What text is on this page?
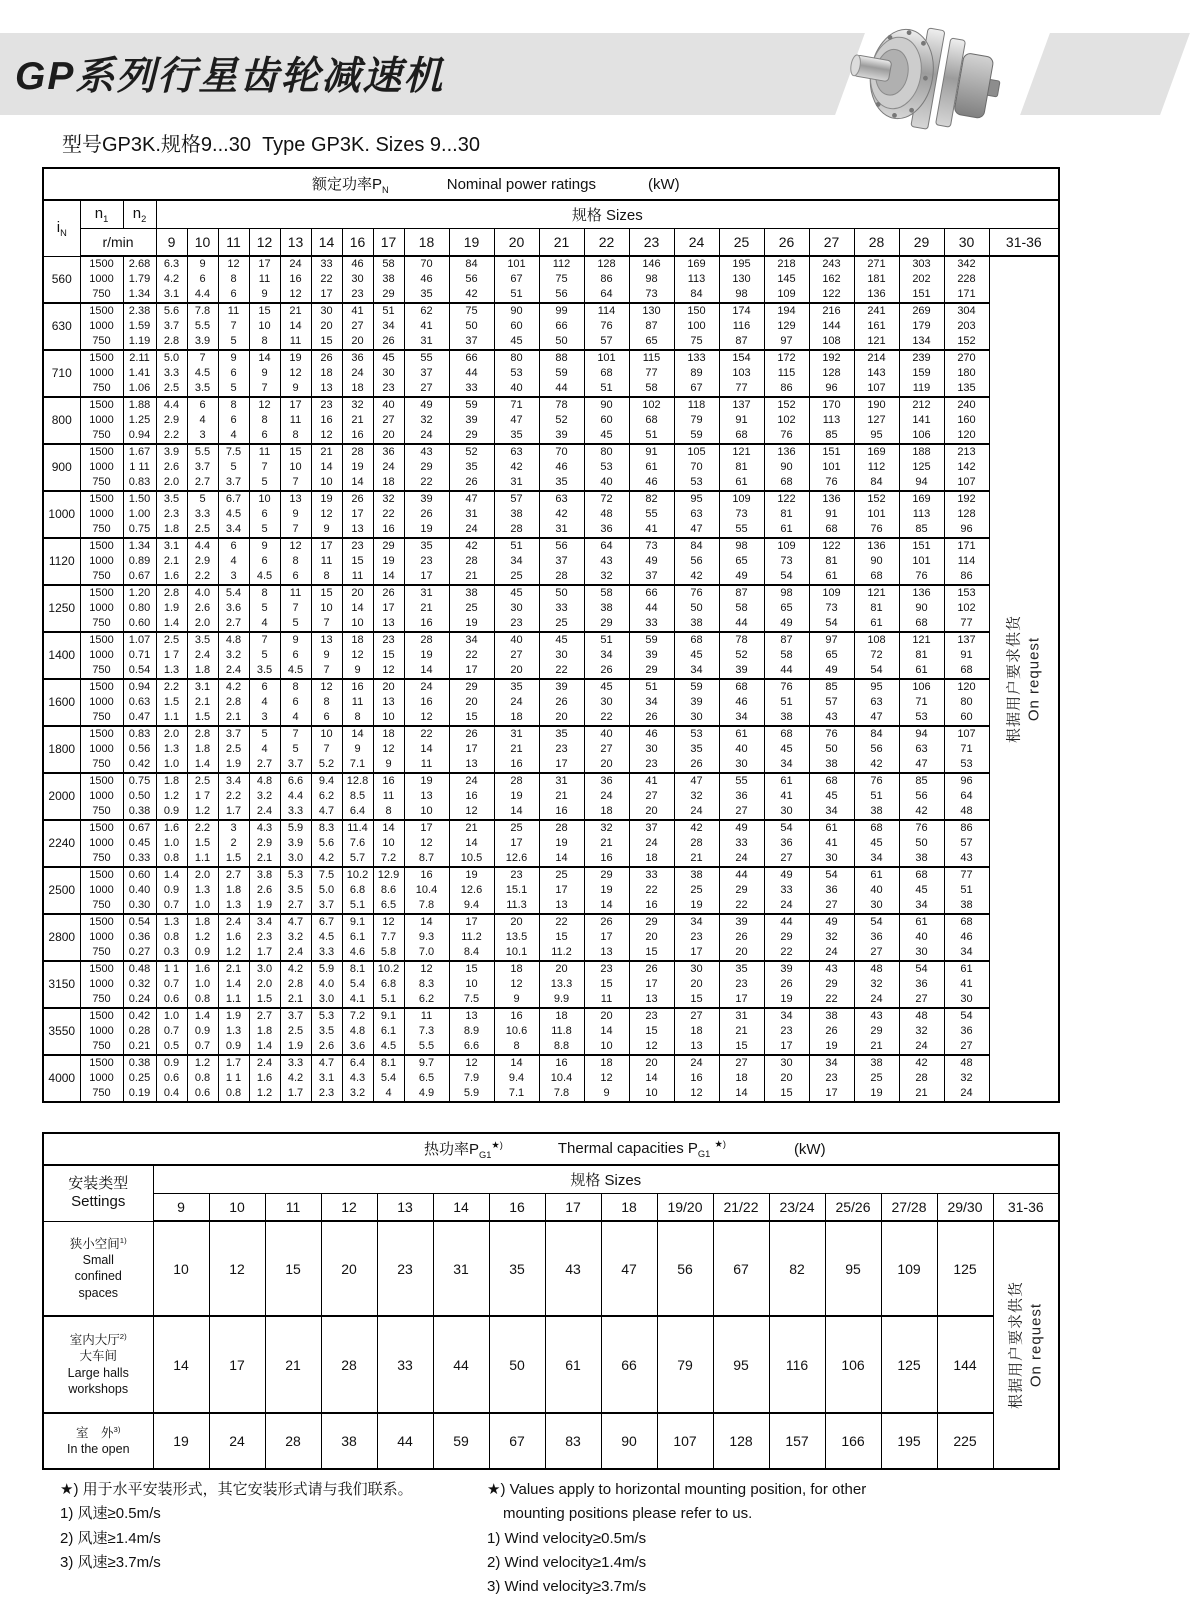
GP系列行星齿轮减速机
型号GP3K.规格9...30  Type GP3K. Sizes 9...30
额定功率$P_N$ Nominal power ratings (kW)																								

$i_N$	$n_1$	$n_2$	规格 Sizes																					
	r/min		9	10	11	12	13	14	16	17	18	19	20	21	22	23	24	25	26	27	28	29	30	31-36
560	1500	2.68	6.3	9	12	17	24	33	46	58	70	84	101	112	128	146	169	195	218	243	271	303	342	根据用户要求供货 On request

	1000	1.79	4.2	6	8	11	16	22	30	38	46	56	67	75	86	98	113	130	145	162	181	202	228	
	750	1.34	3.1	4.4	6	9	12	17	23	29	35	42	51	56	64	73	84	98	109	122	136	151	171	
630	1500	2.38	5.6	7.8	11	15	21	30	41	51	62	75	90	99	114	130	150	174	194	216	241	269	304	
	1000	1.59	3.7	5.5	7	10	14	20	27	34	41	50	60	66	76	87	100	116	129	144	161	179	203	
	750	1.19	2.8	3.9	5	8	11	15	20	26	31	37	45	50	57	65	75	87	97	108	121	134	152	
710	1500	2.11	5.0	7	9	14	19	26	36	45	55	66	80	88	101	115	133	154	172	192	214	239	270	
	1000	1.41	3.3	4.5	6	9	12	18	24	30	37	44	53	59	68	77	89	103	115	128	143	159	180	
	750	1.06	2.5	3.5	5	7	9	13	18	23	27	33	40	44	51	58	67	77	86	96	107	119	135	
800	1500	1.88	4.4	6	8	12	17	23	32	40	49	59	71	78	90	102	118	137	152	170	190	212	240	
	1000	1.25	2.9	4	6	8	11	16	21	27	32	39	47	52	60	68	79	91	102	113	127	141	160	
	750	0.94	2.2	3	4	6	8	12	16	20	24	29	35	39	45	51	59	68	76	85	95	106	120	
900	1500	1.67	3.9	5.5	7.5	11	15	21	28	36	43	52	63	70	80	91	105	121	136	151	169	188	213	
	1000	1 11	2.6	3.7	5	7	10	14	19	24	29	35	42	46	53	61	70	81	90	101	112	125	142	
	750	0.83	2.0	2.7	3.7	5	7	10	14	18	22	26	31	35	40	46	53	61	68	76	84	94	107	
1000	1500	1.50	3.5	5	6.7	10	13	19	26	32	39	47	57	63	72	82	95	109	122	136	152	169	192	
	1000	1.00	2.3	3.3	4.5	6	9	12	17	22	26	31	38	42	48	55	63	73	81	91	101	113	128	
	750	0.75	1.8	2.5	3.4	5	7	9	13	16	19	24	28	31	36	41	47	55	61	68	76	85	96	
1120	1500	1.34	3.1	4.4	6	9	12	17	23	29	35	42	51	56	64	73	84	98	109	122	136	151	171	
	1000	0.89	2.1	2.9	4	6	8	11	15	19	23	28	34	37	43	49	56	65	73	81	90	101	114	
	750	0.67	1.6	2.2	3	4.5	6	8	11	14	17	21	25	28	32	37	42	49	54	61	68	76	86	
1250	1500	1.20	2.8	4.0	5.4	8	11	15	20	26	31	38	45	50	58	66	76	87	98	109	121	136	153	
	1000	0.80	1.9	2.6	3.6	5	7	10	14	17	21	25	30	33	38	44	50	58	65	73	81	90	102	
	750	0.60	1.4	2.0	2.7	4	5	7	10	13	16	19	23	25	29	33	38	44	49	54	61	68	77	
1400	1500	1.07	2.5	3.5	4.8	7	9	13	18	23	28	34	40	45	51	59	68	78	87	97	108	121	137	
	1000	0.71	1 7	2.4	3.2	5	6	9	12	15	19	22	27	30	34	39	45	52	58	65	72	81	91	
	750	0.54	1.3	1.8	2.4	3.5	4.5	7	9	12	14	17	20	22	26	29	34	39	44	49	54	61	68	
1600	1500	0.94	2.2	3.1	4.2	6	8	12	16	20	24	29	35	39	45	51	59	68	76	85	95	106	120	
	1000	0.63	1.5	2.1	2.8	4	6	8	11	13	16	20	24	26	30	34	39	46	51	57	63	71	80	
	750	0.47	1.1	1.5	2.1	3	4	6	8	10	12	15	18	20	22	26	30	34	38	43	47	53	60	
1800	1500	0.83	2.0	2.8	3.7	5	7	10	14	18	22	26	31	35	40	46	53	61	68	76	84	94	107	
	1000	0.56	1.3	1.8	2.5	4	5	7	9	12	14	17	21	23	27	30	35	40	45	50	56	63	71	
	750	0.42	1.0	1.4	1.9	2.7	3.7	5.2	7.1	9	11	13	16	17	20	23	26	30	34	38	42	47	53	
2000	1500	0.75	1.8	2.5	3.4	4.8	6.6	9.4	12.8	16	19	24	28	31	36	41	47	55	61	68	76	85	96	
	1000	0.50	1.2	1 7	2.2	3.2	4.4	6.2	8.5	11	13	16	19	21	24	27	32	36	41	45	51	56	64	
	750	0.38	0.9	1.2	1.7	2.4	3.3	4.7	6.4	8	10	12	14	16	18	20	24	27	30	34	38	42	48	
2240	1500	0.67	1.6	2.2	3	4.3	5.9	8.3	11.4	14	17	21	25	28	32	37	42	49	54	61	68	76	86	
	1000	0.45	1.0	1.5	2	2.9	3.9	5.6	7.6	10	12	14	17	19	21	24	28	33	36	41	45	50	57	
	750	0.33	0.8	1.1	1.5	2.1	3.0	4.2	5.7	7.2	8.7	10.5	12.6	14	16	18	21	24	27	30	34	38	43	
2500	1500	0.60	1.4	2.0	2.7	3.8	5.3	7.5	10.2	12.9	16	19	23	25	29	33	38	44	49	54	61	68	77	
	1000	0.40	0.9	1.3	1.8	2.6	3.5	5.0	6.8	8.6	10.4	12.6	15.1	17	19	22	25	29	33	36	40	45	51	
	750	0.30	0.7	1.0	1.3	1.9	2.7	3.7	5.1	6.5	7.8	9.4	11.3	13	14	16	19	22	24	27	30	34	38	
2800	1500	0.54	1.3	1.8	2.4	3.4	4.7	6.7	9.1	12	14	17	20	22	26	29	34	39	44	49	54	61	68	
	1000	0.36	0.8	1.2	1.6	2.3	3.2	4.5	6.1	7.7	9.3	11.2	13.5	15	17	20	23	26	29	32	36	40	46	
	750	0.27	0.3	0.9	1.2	1.7	2.4	3.3	4.6	5.8	7.0	8.4	10.1	11.2	13	15	17	20	22	24	27	30	34	
3150	1500	0.48	1 1	1.6	2.1	3.0	4.2	5.9	8.1	10.2	12	15	18	20	23	26	30	35	39	43	48	54	61	
	1000	0.32	0.7	1.0	1.4	2.0	2.8	4.0	5.4	6.8	8.3	10	12	13.3	15	17	20	23	26	29	32	36	41	
	750	0.24	0.6	0.8	1.1	1.5	2.1	3.0	4.1	5.1	6.2	7.5	9	9.9	11	13	15	17	19	22	24	27	30	
3550	1500	0.42	1.0	1.4	1.9	2.7	3.7	5.3	7.2	9.1	11	13	16	18	20	23	27	31	34	38	43	48	54	
	1000	0.28	0.7	0.9	1.3	1.8	2.5	3.5	4.8	6.1	7.3	8.9	10.6	11.8	14	15	18	21	23	26	29	32	36	
	750	0.21	0.5	0.7	0.9	1.4	1.9	2.6	3.6	4.5	5.5	6.6	8	8.8	10	12	13	15	17	19	21	24	27	
4000	1500	0.38	0.9	1.2	1.7	2.4	3.3	4.7	6.4	8.1	9.7	12	14	16	18	20	24	27	30	34	38	42	48	
	1000	0.25	0.6	0.8	1 1	1.6	4.2	3.1	4.3	5.4	6.5	7.9	9.4	10.4	12	14	16	18	20	23	25	28	32	
	750	0.19	0.4	0.6	0.8	1.2	1.7	2.3	3.2	4	4.9	5.9	7.1	7.8	9	10	12	14	15	17	19	21	24	
热功率$P_{G1}^{★)}$ Thermal capacities $P_{G1}$ ★) (kW)																

安装类型
Settings	规格 Sizes															
	9	10	11	12	13	14	16	17	18	19/20	21/22	23/24	25/26	27/28	29/30	31-36

狭小空间$^{1)}$
Small
confined
spaces
	10	12	15	20	23	31	35	43	47	56	67	82	95	109	125	
根据用户要求供货 On request

室内大厅$^{2)}$
大车间
Large halls
workshops	14	17	21	28	33	44	50	61	66	79	95	116	106	125	144	

室　外$^{3)}$
In the open	19	24	28	38	44	59	67	83	90	107	128	157	166	195	225	
★) 用于水平安装形式，其它安装形式请与我们联系。
1) 风速≥0.5m/s
2) 风速≥1.4m/s
3) 风速≥3.7m/s
★) Values apply to horizontal mounting position, for other
mounting positions please refer to us.
1) Wind velocity≥0.5m/s
2) Wind velocity≥1.4m/s
3) Wind velocity≥3.7m/s
